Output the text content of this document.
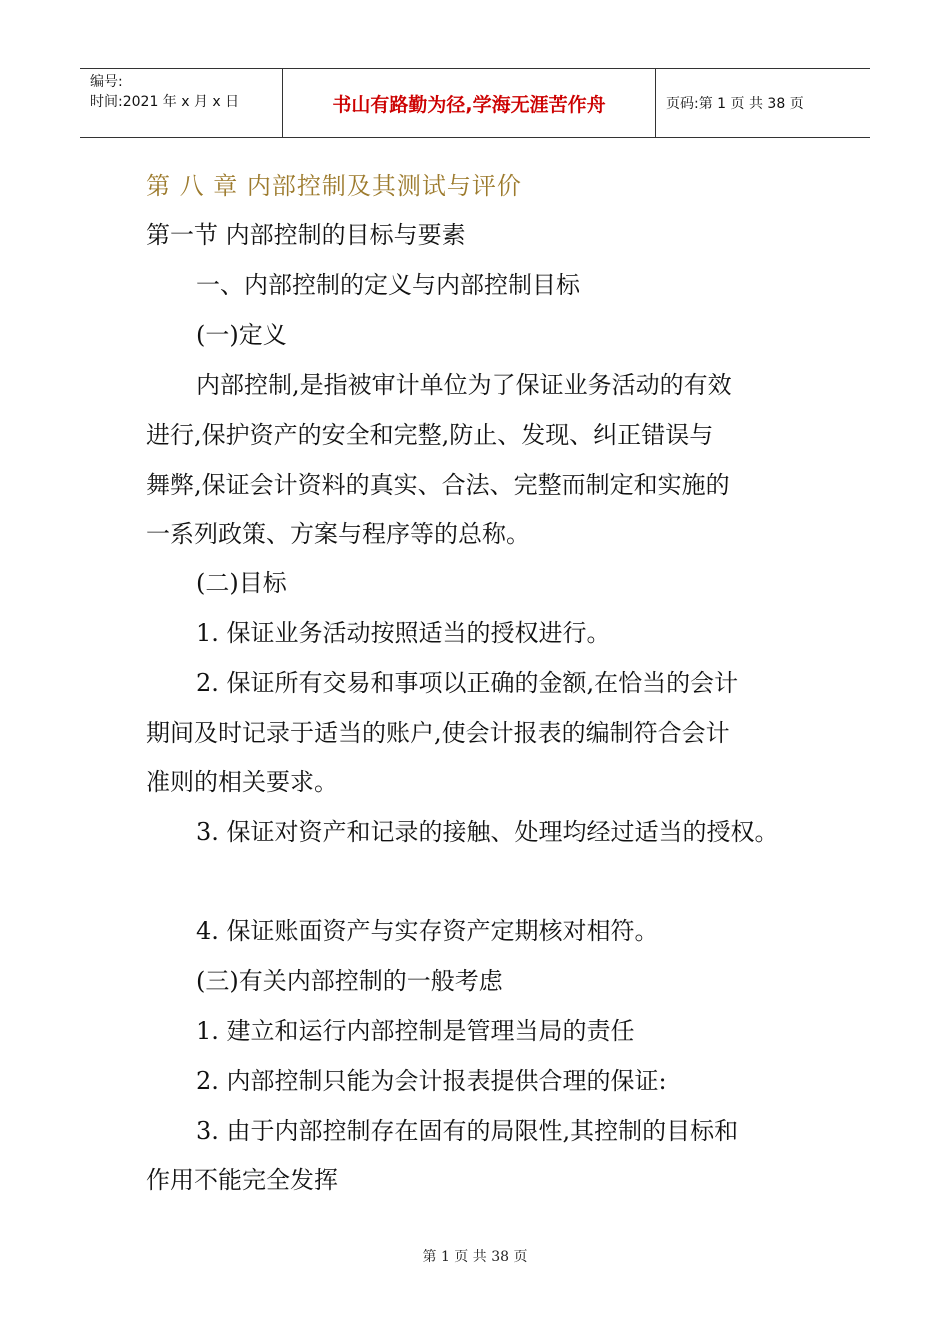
编号:
时间:2021 年 x 月 x 日	书山有路勤为径,学海无涯苦作舟	页码:第 1 页 共 38 页
第 八 章 内部控制及其测试与评价
第一节 内部控制的目标与要素
一、内部控制的定义与内部控制目标
(一)定义
内部控制,是指被审计单位为了保证业务活动的有效
进行,保护资产的安全和完整,防止、发现、纠正错误与
舞弊,保证会计资料的真实、合法、完整而制定和实施的
一系列政策、方案与程序等的总称。
(二)目标
1. 保证业务活动按照适当的授权进行。
2. 保证所有交易和事项以正确的金额,在恰当的会计
期间及时记录于适当的账户,使会计报表的编制符合会计
准则的相关要求。
3. 保证对资产和记录的接触、处理均经过适当的授权。
4. 保证账面资产与实存资产定期核对相符。
(三)有关内部控制的一般考虑
1. 建立和运行内部控制是管理当局的责任
2. 内部控制只能为会计报表提供合理的保证:
3. 由于内部控制存在固有的局限性,其控制的目标和
作用不能完全发挥
第 1 页 共 38 页
